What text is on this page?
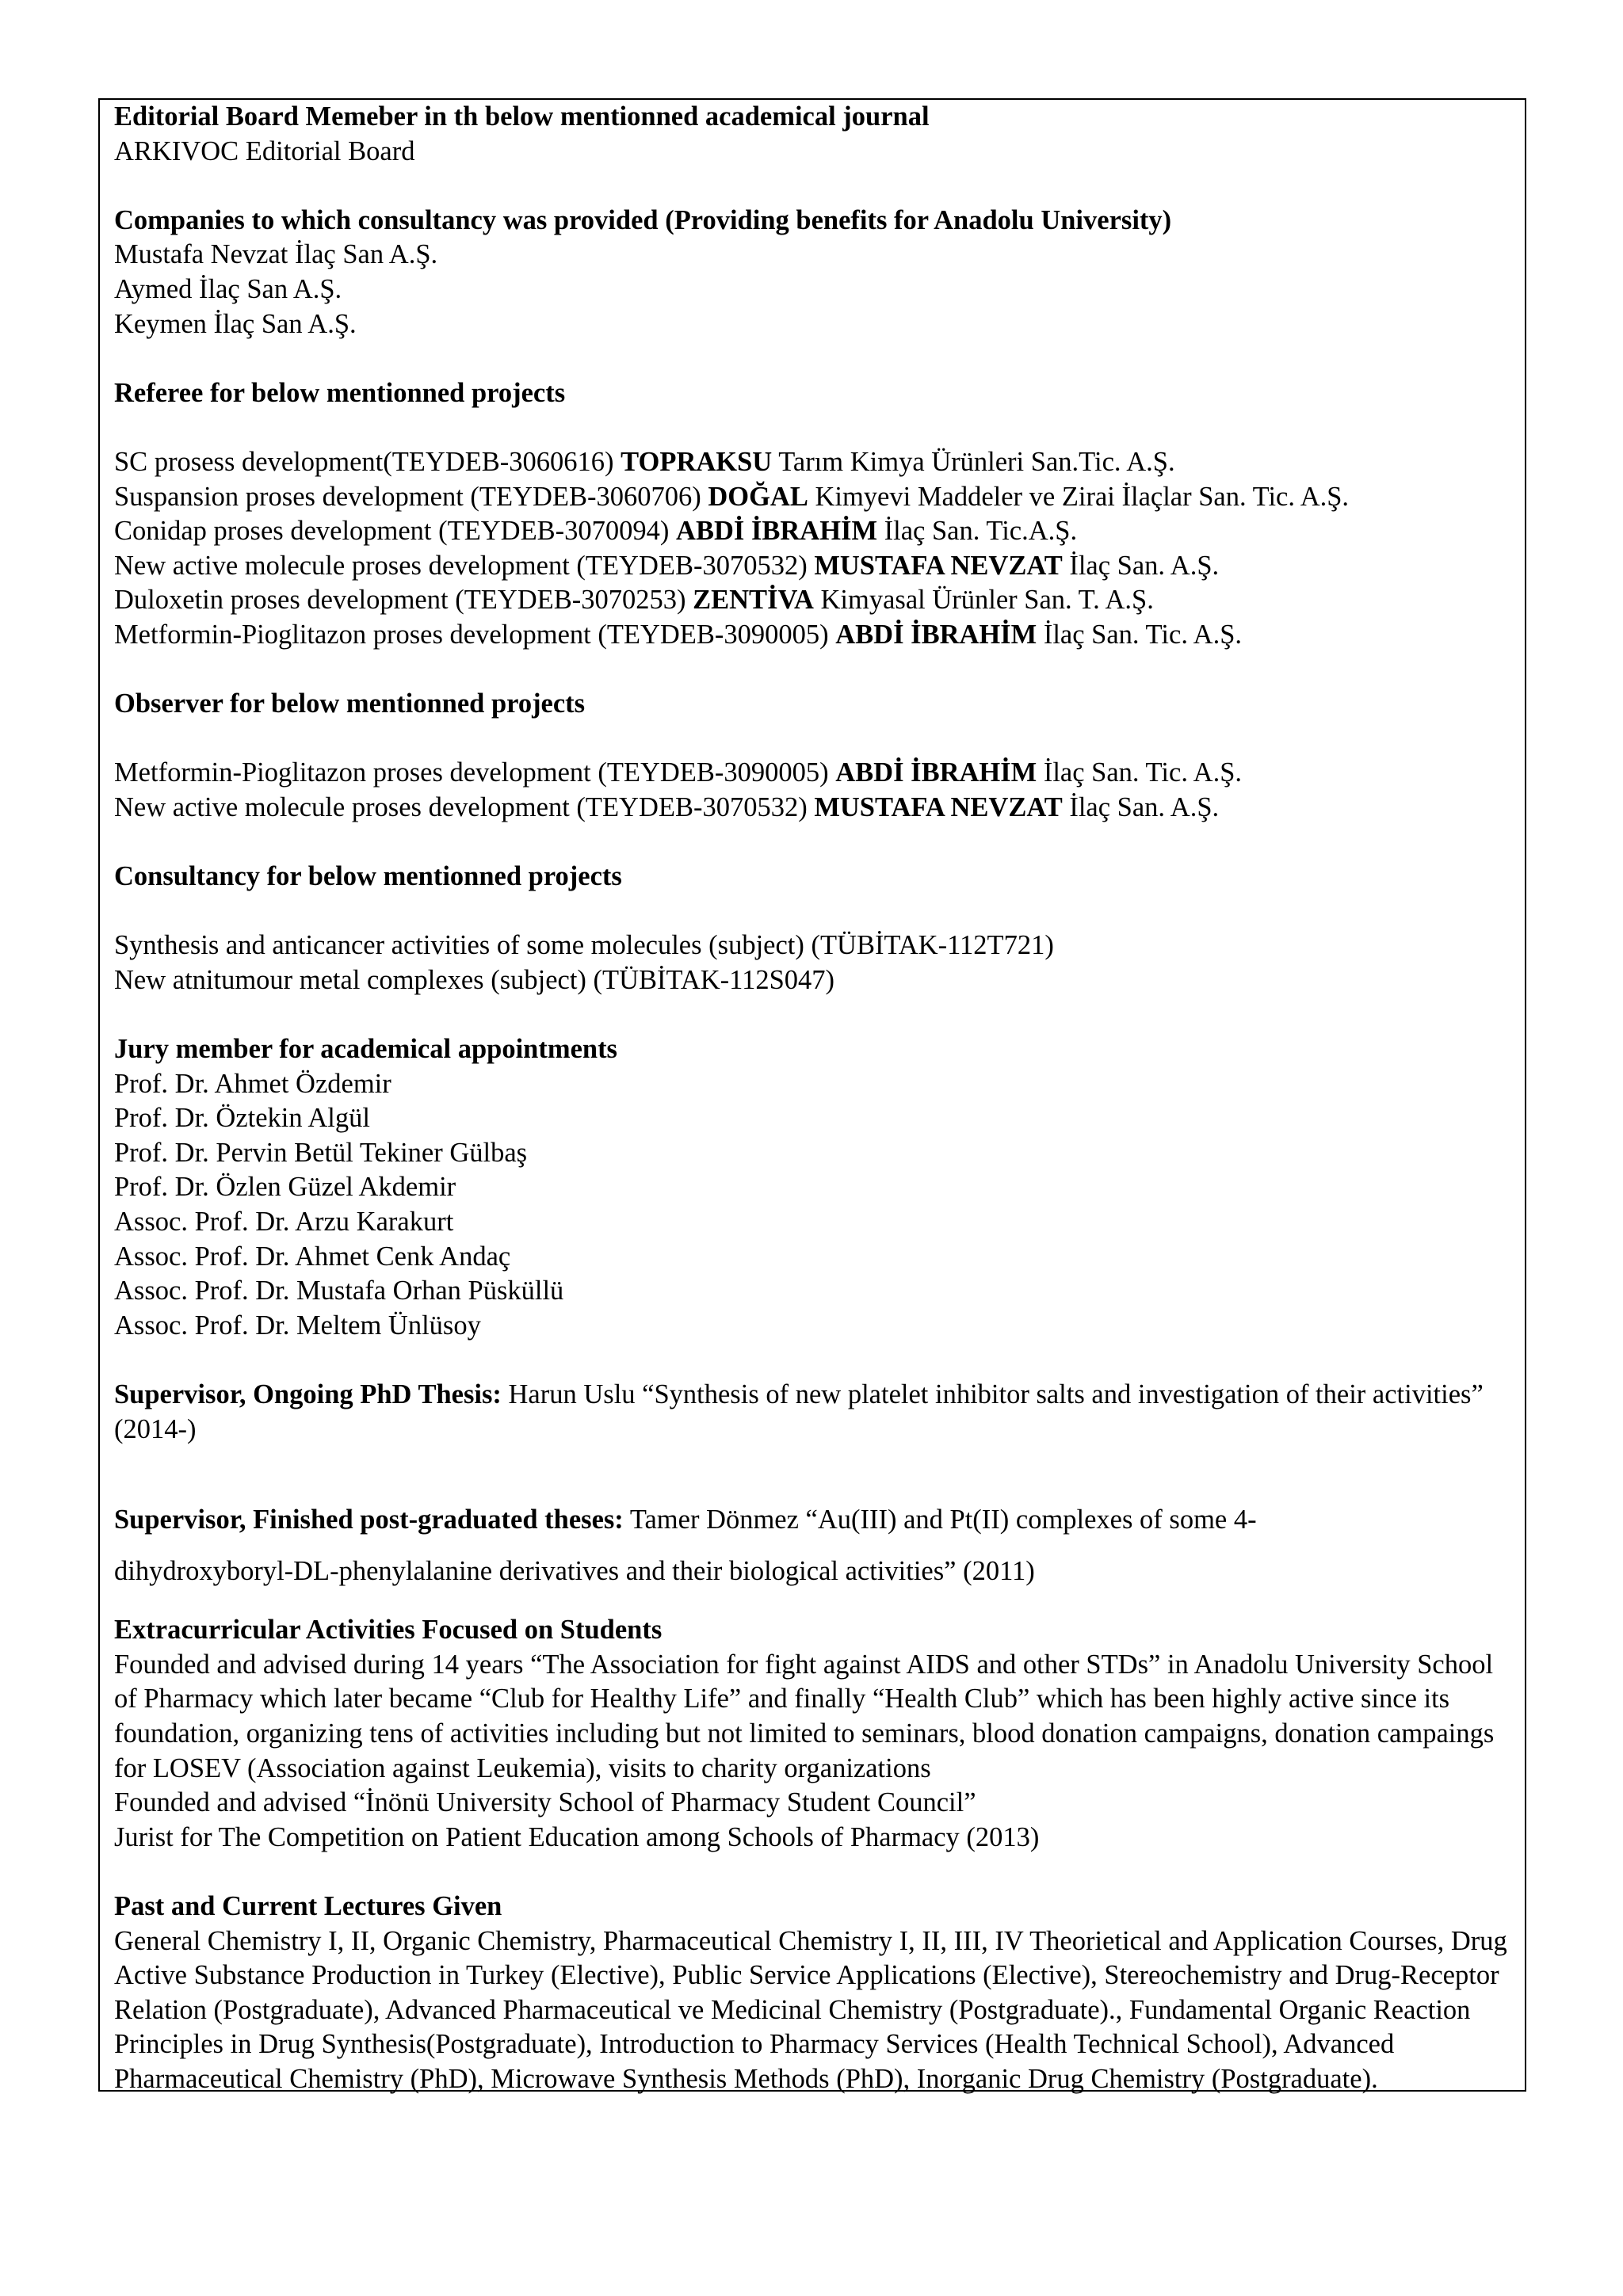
Editorial Board Memeber in th below mentionned academical journal
ARKIVOC Editorial Board
Companies to which consultancy was provided (Providing benefits for Anadolu University)
Mustafa Nevzat İlaç San A.Ş.
Aymed İlaç San A.Ş.
Keymen İlaç San A.Ş.
Referee for below mentionned projects
SC prosess development(TEYDEB-3060616) TOPRAKSU Tarım Kimya Ürünleri San.Tic. A.Ş.
Suspansion proses development (TEYDEB-3060706) DOĞAL Kimyevi Maddeler ve Zirai İlaçlar San. Tic. A.Ş.
Conidap proses development (TEYDEB-3070094) ABDİ İBRAHİM İlaç San. Tic.A.Ş.
New active molecule proses development (TEYDEB-3070532) MUSTAFA NEVZAT İlaç San. A.Ş.
Duloxetin proses development (TEYDEB-3070253) ZENTİVA Kimyasal Ürünler San. T. A.Ş.
Metformin-Pioglitazon proses development (TEYDEB-3090005) ABDİ İBRAHİM İlaç San. Tic. A.Ş.
Observer for below mentionned projects
Metformin-Pioglitazon proses development (TEYDEB-3090005) ABDİ İBRAHİM İlaç San. Tic. A.Ş.
New active molecule proses development (TEYDEB-3070532) MUSTAFA NEVZAT İlaç San. A.Ş.
Consultancy for below mentionned projects
Synthesis and anticancer activities of some molecules (subject) (TÜBİTAK-112T721)
New atnitumour metal complexes (subject) (TÜBİTAK-112S047)
Jury member for academical appointments
Prof. Dr. Ahmet Özdemir
Prof. Dr. Öztekin Algül
Prof. Dr. Pervin Betül Tekiner Gülbaş
Prof. Dr. Özlen Güzel Akdemir
Assoc. Prof. Dr. Arzu Karakurt
Assoc. Prof. Dr. Ahmet Cenk Andaç
Assoc. Prof. Dr. Mustafa Orhan Püsküllü
Assoc. Prof. Dr. Meltem Ünlüsoy
Supervisor, Ongoing PhD Thesis: Harun Uslu “Synthesis of new platelet inhibitor salts and investigation of their activities” (2014-)
Supervisor, Finished post-graduated theses: Tamer Dönmez “Au(III) and Pt(II) complexes of some 4-
dihydroxyboryl-DL-phenylalanine derivatives and their biological activities” (2011)
Extracurricular Activities Focused on Students
Founded and advised during 14 years “The Association for fight against AIDS and other STDs” in Anadolu University School of Pharmacy which later became “Club for Healthy Life” and finally “Health Club” which has been highly active since its foundation, organizing tens of activities including but not limited to seminars, blood donation campaigns, donation campaings for LOSEV (Association against Leukemia), visits to charity organizations
Founded and advised “İnönü University School of Pharmacy Student Council”
Jurist for The Competition on Patient Education among Schools of Pharmacy (2013)
Past and Current Lectures Given
General Chemistry I, II, Organic Chemistry, Pharmaceutical Chemistry I, II, III, IV Theorietical and Application Courses, Drug Active Substance Production in Turkey (Elective), Public Service Applications (Elective), Stereochemistry and Drug-Receptor Relation (Postgraduate), Advanced Pharmaceutical ve Medicinal Chemistry (Postgraduate)., Fundamental Organic Reaction Principles in Drug Synthesis(Postgraduate), Introduction to Pharmacy Services (Health Technical School), Advanced Pharmaceutical Chemistry (PhD), Microwave Synthesis Methods (PhD), Inorganic Drug Chemistry (Postgraduate).
